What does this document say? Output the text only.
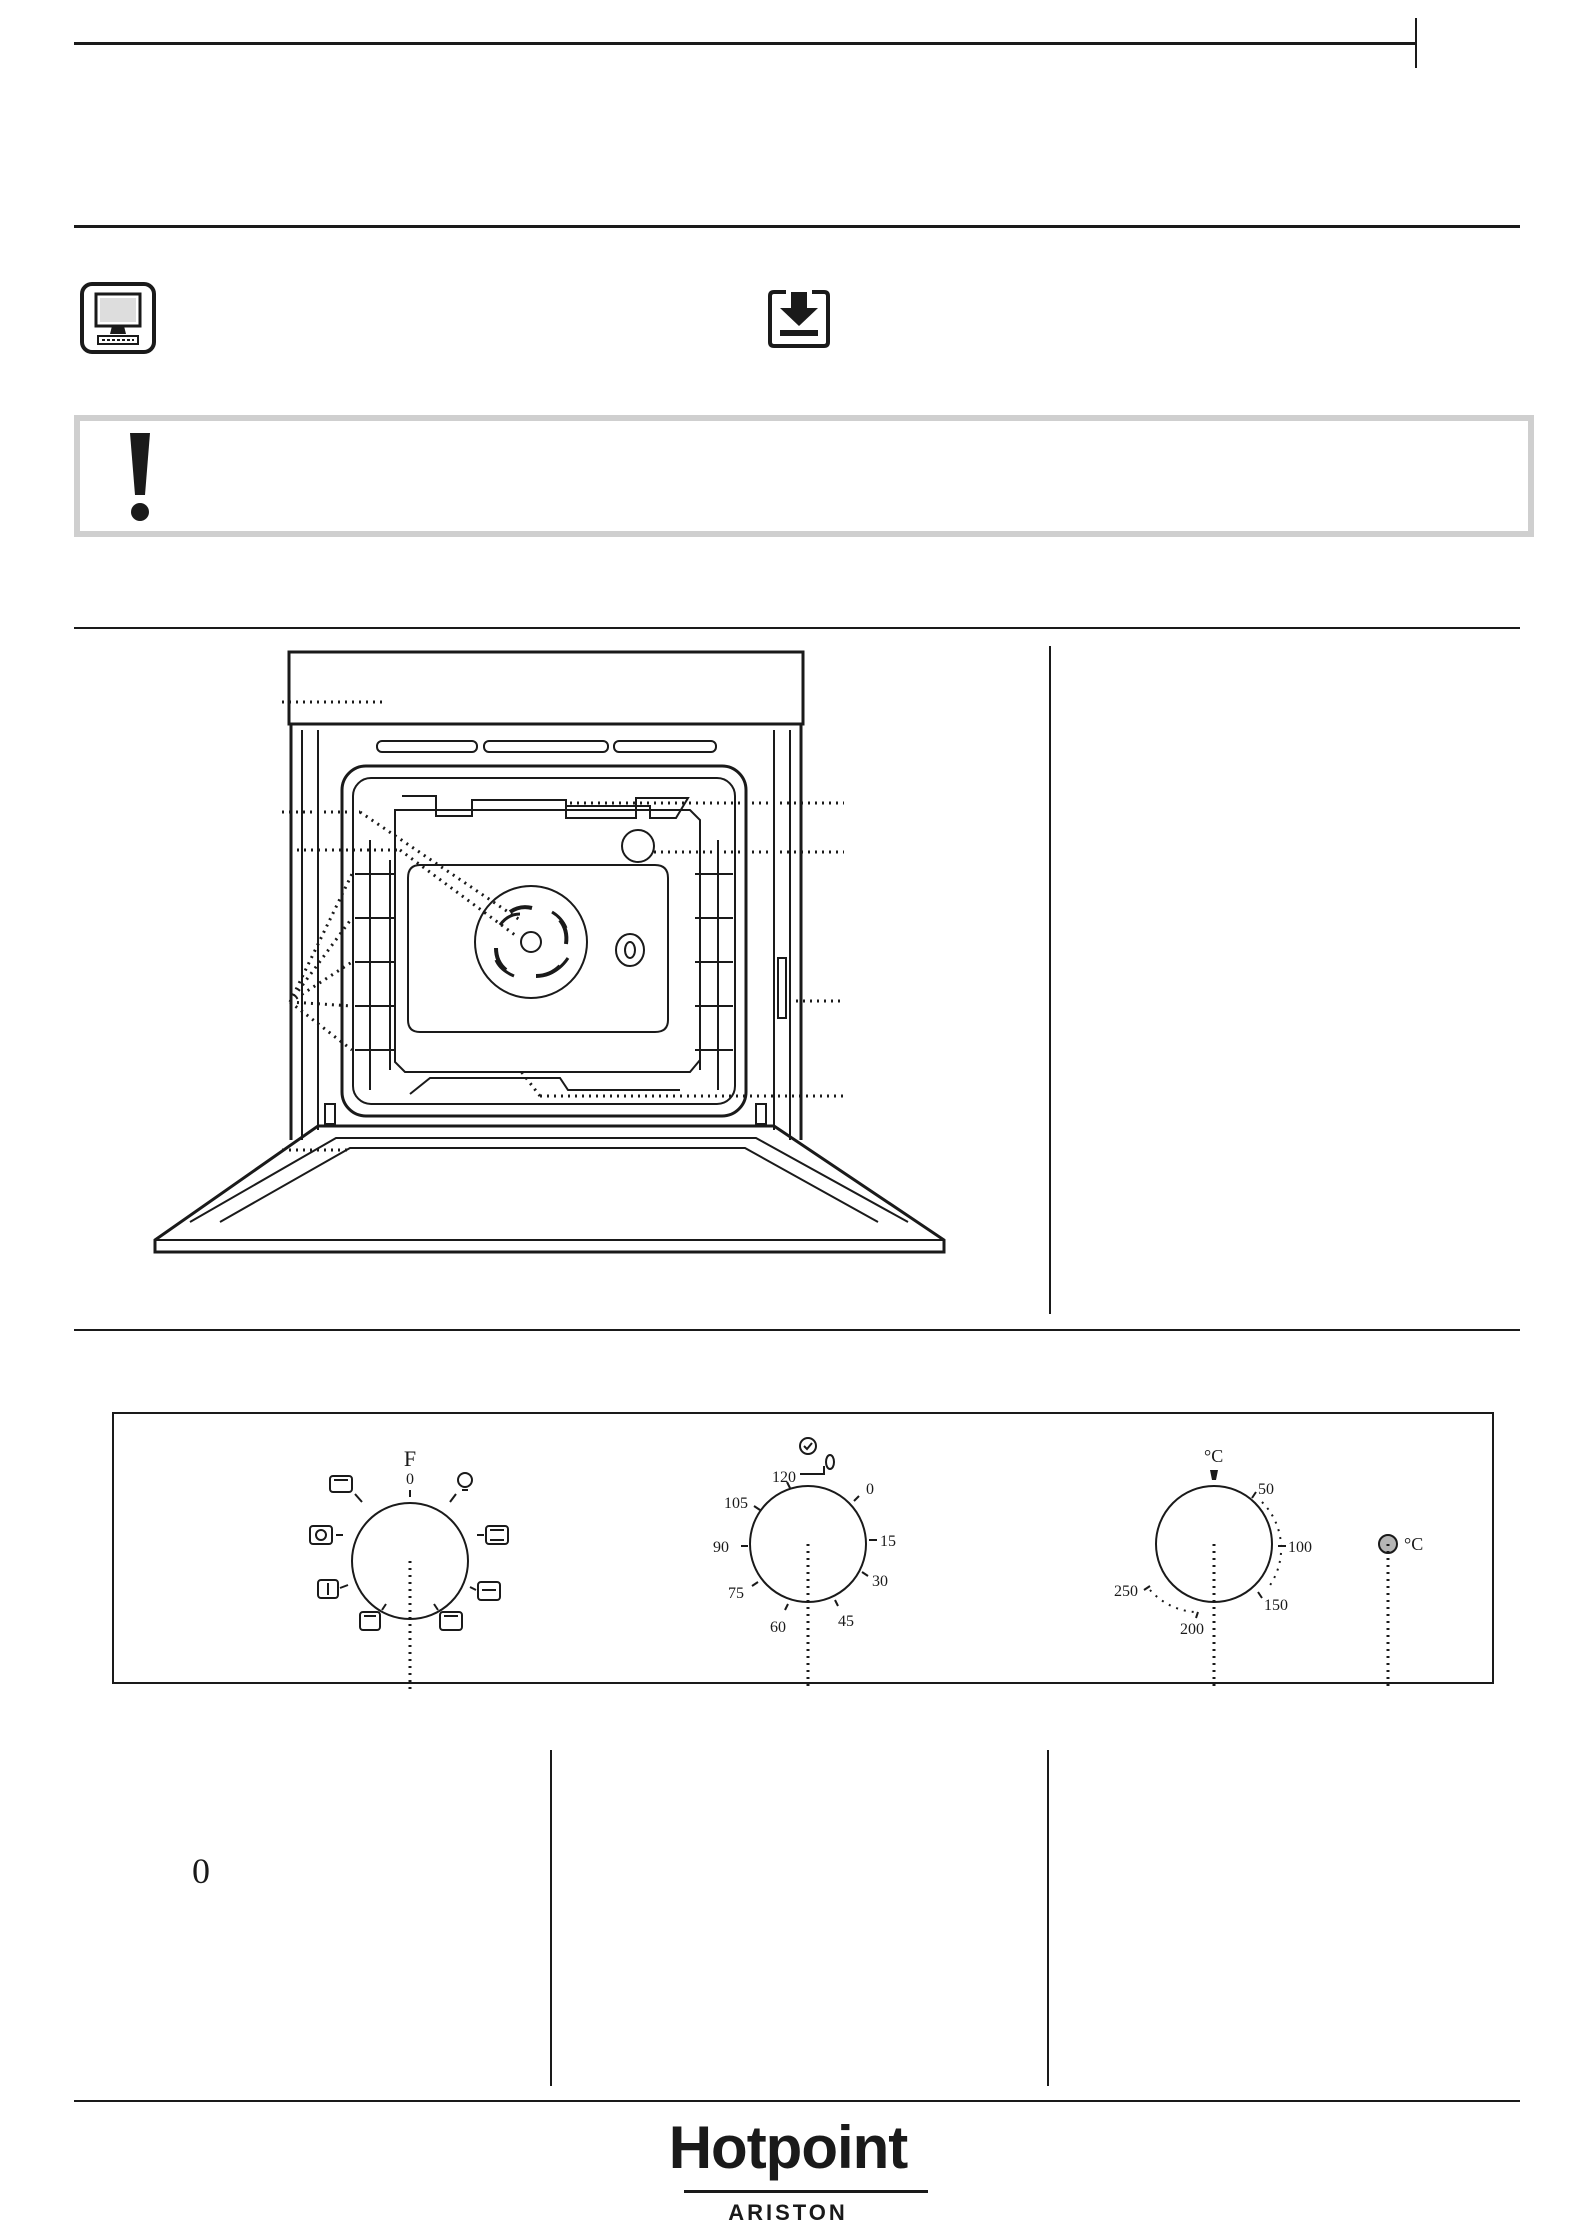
F
0	120
0
15
30
45
60
75
90
105
°C
50
100
150
200
250
°C
0
Hotpoint
ARISTON
